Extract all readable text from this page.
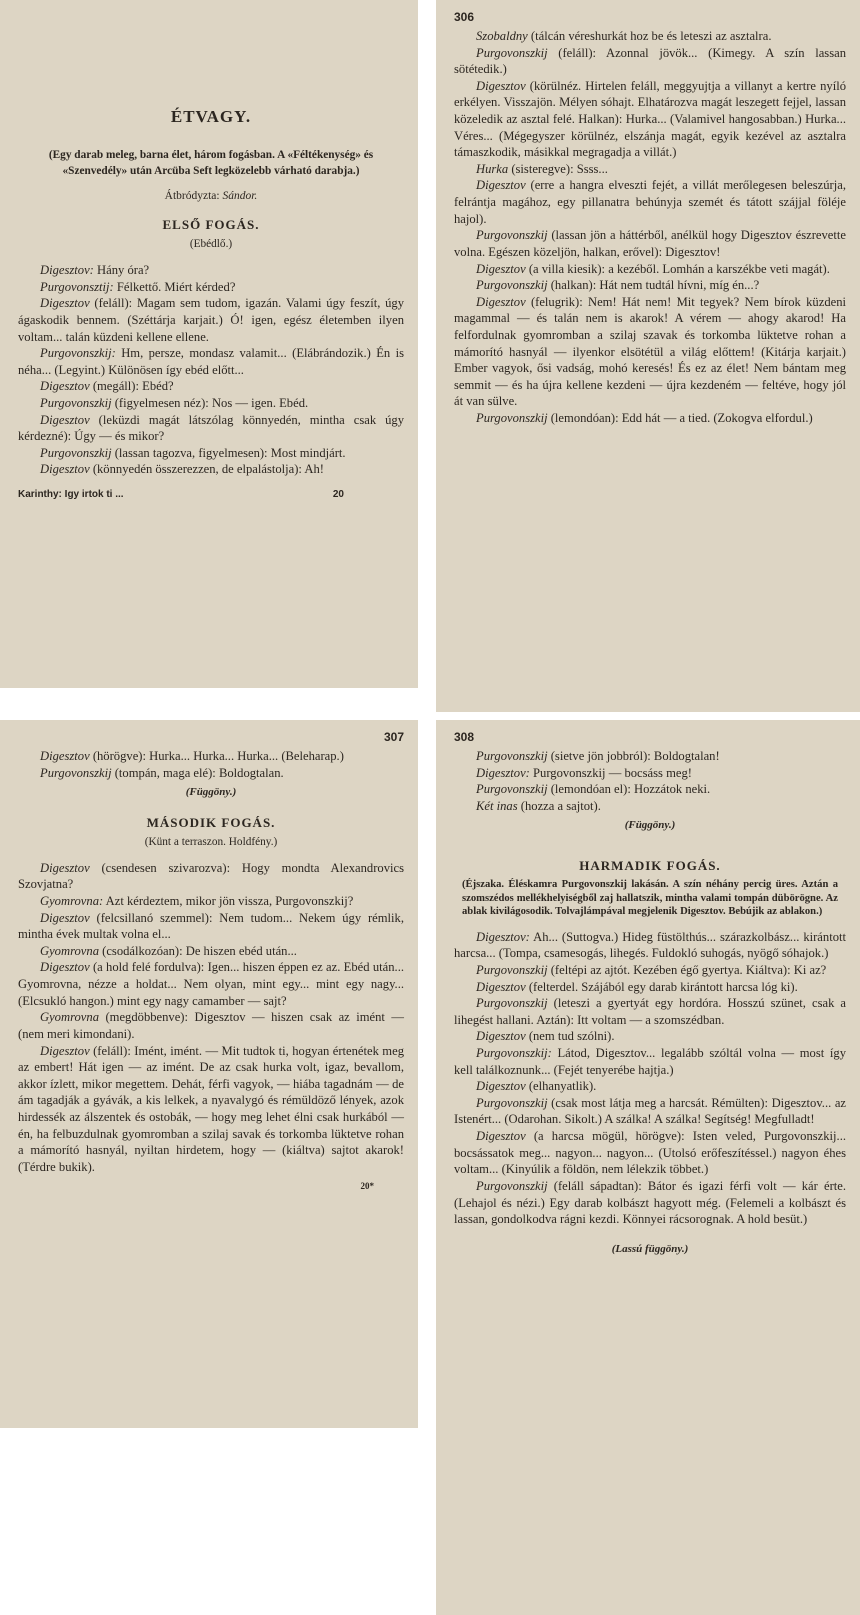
ÉTVAGY.
(Egy darab meleg, barna élet, három fogásban. A «Féltékenység» és «Szenvedély» után Arcüba Seft legközelebb várható darabja.)
Átbródyzta: Sándor.
ELSŐ FOGÁS.
(Ebédlő.)

Digesztov: Hány óra?

Purgovonsztij: Félkettő. Miért kérded?

Digesztov (feláll): Magam sem tudom, igazán. Valami úgy feszít, úgy ágaskodik bennem. (Széttárja karjait.) Ó! igen, egész életemben ilyen voltam... talán küzdeni kellene ellene.

Purgovonszkij: Hm, persze, mondasz valamit... (Elábrándozik.) Én is néha... (Legyint.) Különösen így ebéd előtt...

Digesztov (megáll): Ebéd?

Purgovonszkij (figyelmesen néz): Nos — igen. Ebéd.

Digesztov (leküzdi magát látszólag könnyedén, mintha csak úgy kérdezné): Úgy — és mikor?

Purgovonszkij (lassan tagozva, figyelmesen): Most mindjárt.

Digesztov (könnyedén összerezzen, de elpalástolja): Ah!

Karinthy: Igy irtok ti ...	20
306

Szobaldny (tálcán véreshurkát hoz be és leteszi az asztalra.

Purgovonszkij (feláll): Azonnal jövök... (Kimegy. A szín lassan sötétedik.)

Digesztov (körülnéz. Hirtelen feláll, meggyujtja a villanyt a kertre nyíló erkélyen. Visszajön. Mélyen sóhajt. Elhatározva magát leszegett fejjel, lassan közeledik az asztal felé. Halkan): Hurka... (Valamivel hangosabban.) Hurka... Véres... (Mégegyszer körülnéz, elszánja magát, egyik kezével az asztalra támaszkodik, másikkal megragadja a villát.)

Hurka (sisteregve): Ssss...

Digesztov (erre a hangra elveszti fejét, a villát merőlegesen beleszúrja, felrántja magához, egy pillanatra behúnyja szemét és tátott szájjal föléje hajol).

Purgovonszkij (lassan jön a háttérből, anélkül hogy Digesztov észrevette volna. Egészen közeljön, halkan, erővel): Digesztov!

Digesztov (a villa kiesik): a kezéből. Lomhán a karszékbe veti magát).

Purgovonszkij (halkan): Hát nem tudtál hívni, míg én...?

Digesztov (felugrik): Nem! Hát nem! Mit tegyek? Nem bírok küzdeni magammal — és talán nem is akarok! A vérem — ahogy akarod! Ha felfordulnak gyomromban a szilaj szavak és torkomba lüktetve rohan a mámorító hasnyál — ilyenkor elsötétül a világ előttem! (Kitárja karjait.) Ember vagyok, ősi vadság, mohó keresés! És ez az élet! Nem bántam meg semmit — és ha újra kellene kezdeni — újra kezdeném — feltéve, hogy jól át van sülve.

Purgovonszkij (lemondóan): Edd hát — a tied. (Zokogva elfordul.)

307

Digesztov (hörögve): Hurka... Hurka... Hurka... (Beleharap.)

Purgovonszkij (tompán, maga elé): Boldogtalan.

(Függöny.)
MÁSODIK FOGÁS.
(Künt a terraszon. Holdfény.)

Digesztov (csendesen szivarozva): Hogy mondta Alexandrovics Szovjatna?

Gyomrovna: Azt kérdeztem, mikor jön vissza, Purgovonszkij?

Digesztov (felcsillanó szemmel): Nem tudom... Nekem úgy rémlik, mintha évek multak volna el...

Gyomrovna (csodálkozóan): De hiszen ebéd után...

Digesztov (a hold felé fordulva): Igen... hiszen éppen ez az. Ebéd után... Gyomrovna, nézze a holdat... Nem olyan, mint egy... mint egy nagy... (Elcsukló hangon.) mint egy nagy camamber — sajt?

Gyomrovna (megdöbbenve): Digesztov — hiszen csak az imént — (nem meri kimondani).

Digesztov (feláll): Imént, imént. — Mit tudtok ti, hogyan értenétek meg az embert! Hát igen — az imént. De az csak hurka volt, igaz, bevallom, akkor ízlett, mikor megettem. Dehát, férfi vagyok, — hiába tagadnám — de ám tagadják a gyávák, a kis lelkek, a nyavalygó és rémüldöző lények, azok hirdessék az álszentek és ostobák, — hogy meg lehet élni csak hurkából — én, ha felbuzdulnak gyomromban a szilaj savak és torkomba lüktetve rohan a mámorító hasnyál, nyiltan hirdetem, hogy — (kiáltva) sajtot akarok! (Térdre bukik).

20*
308

Purgovonszkij (sietve jön jobbról): Boldogtalan!

Digesztov: Purgovonszkij — bocsáss meg!

Purgovonszkij (lemondóan el): Hozzátok neki.

Két inas (hozza a sajtot).

(Függöny.)
HARMADIK FOGÁS.
(Éjszaka. Éléskamra Purgovonszkij lakásán. A szín néhány percig üres. Aztán a szomszédos mellékhelyiségből zaj hallatszik, mintha valami tompán dübörögne. Az ablak kivilágosodik. Tolvajlámpával megjelenik Digesztov. Bebújik az ablakon.)

Digesztov: Ah... (Suttogva.) Hideg füstölthús... szárazkolbász... kirántott harcsa... (Tompa, csamesogás, lihegés. Fuldokló suhogás, nyögő sóhajok.)

Purgovonszkij (feltépi az ajtót. Kezében égő gyertya. Kiáltva): Ki az?

Digesztov (felterdel. Szájából egy darab kirántott harcsa lóg ki).

Purgovonszkij (leteszi a gyertyát egy hordóra. Hosszú szünet, csak a lihegést hallani. Aztán): Itt voltam — a szomszédban.

Digesztov (nem tud szólni).

Purgovonszkij: Látod, Digesztov... legalább szóltál volna — most így kell találkoznunk... (Fejét tenyerébe hajtja.)

Digesztov (elhanyatlik).

Purgovonszkij (csak most látja meg a harcsát. Rémülten): Digesztov... az Istenért... (Odarohan. Sikolt.) A szálka! A szálka! Segítség! Megfulladt!

Digesztov (a harcsa mögül, hörögve): Isten veled, Purgovonszkij... bocsássatok meg... nagyon... nagyon... (Utolsó erőfeszítéssel.) nagyon éhes voltam... (Kinyúlik a földön, nem lélekzik többet.)

Purgovonszkij (feláll sápadtan): Bátor és igazi férfi volt — kár érte. (Lehajol és nézi.) Egy darab kolbászt hagyott még. (Felemeli a kolbászt és lassan, gondolkodva rágni kezdi. Könnyei rácsorognak. A hold besüt.)

(Lassú függöny.)
